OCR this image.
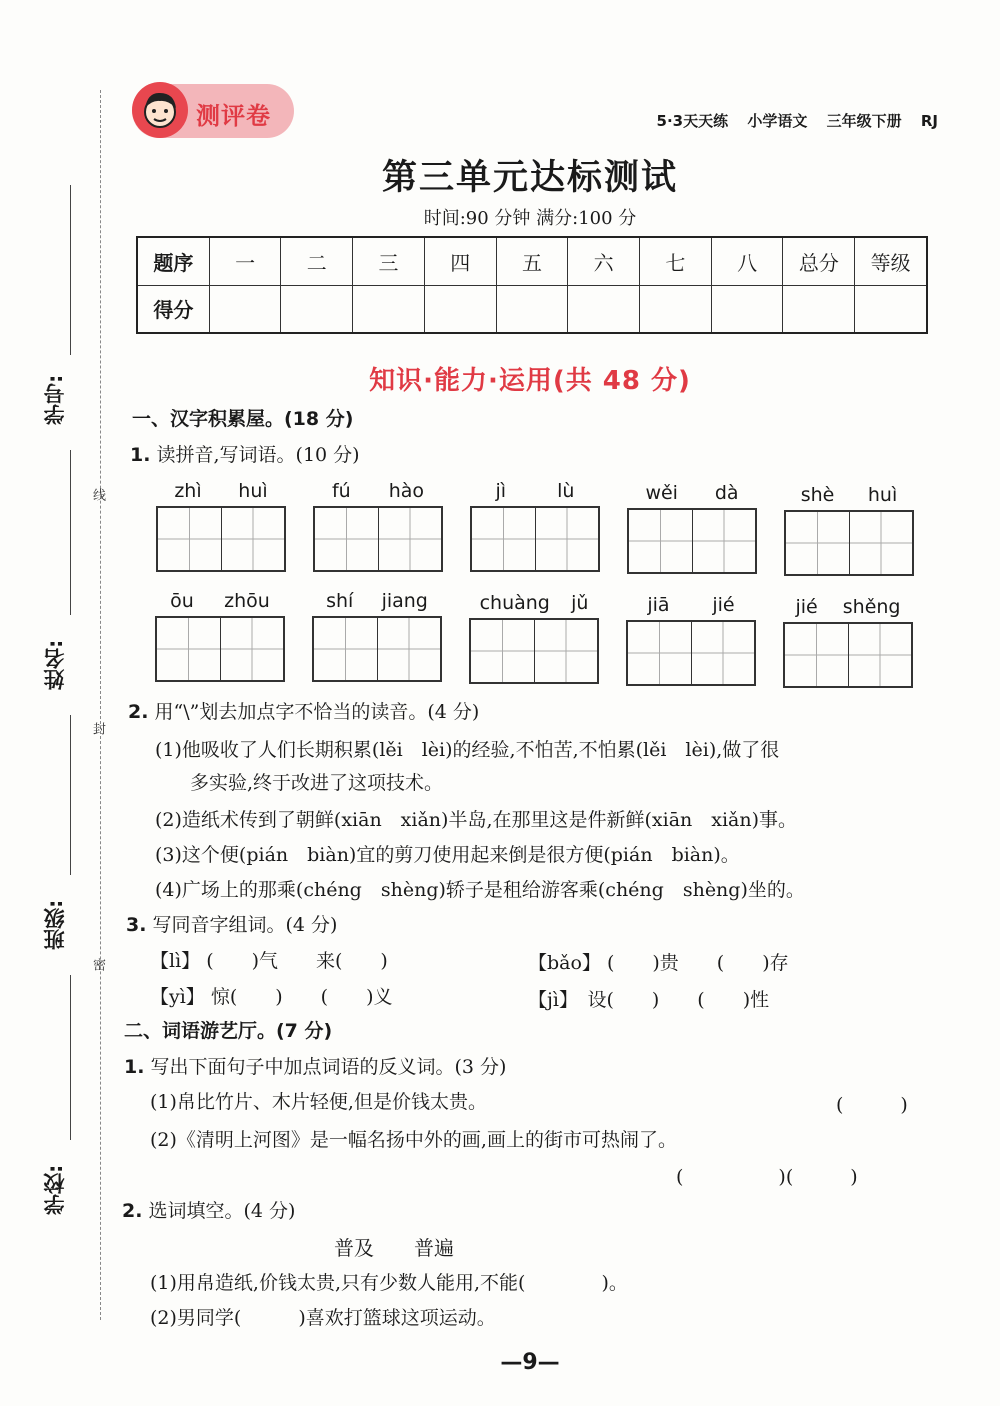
学号:
姓名:
班级:
学校:
线
封
密
测评卷	5·3天天练 小学语文 三年级下册 RJ
第三单元达标测试
时间:90 分钟 满分:100 分
题序	一	二	三	四	五	六	七	八	总分	等级
得分										
知识·能力·运用(共 48 分)
一、汉字积累屋。(18 分)
1. 读拼音,写词语。(10 分)
zhì huì	fú hào	jì	lù	wěi dà	shè huì
ōu zhōu	shí jiang	chuàng jǔ	jiā jié	jié shěng
2. 用“\”划去加点字不恰当的读音。(4 分)
(1)他吸收了人们长期积累(lěi　lèi)的经验,不怕苦,不怕累(lěi　lèi),做了很
多实验,终于改进了这项技术。
(2)造纸术传到了朝鲜(xiān　xiǎn)半岛,在那里这是件新鲜(xiān　xiǎn)事。
(3)这个便(pián　biàn)宜的剪刀使用起来倒是很方便(pián　biàn)。
(4)广场上的那乘(chéng　shèng)轿子是租给游客乘(chéng　shèng)坐的。
3. 写同音字组词。(4 分)
【lì】 (　　)气　　来(　　)	【bǎo】 (　　)贵　　(　　)存
【yì】 惊(　　)　　(　　)义	【jì】　设(　　)　　(　　)性
二、词语游艺厅。(7 分)
1. 写出下面句子中加点词语的反义词。(3 分)
(1)帛比竹片、木片轻便,但是价钱太贵。	(　　　)
(2)《清明上河图》是一幅名扬中外的画,画上的街市可热闹了。
(　　　　　)(　　　)
2. 选词填空。(4 分)
普及　　普遍
(1)用帛造纸,价钱太贵,只有少数人能用,不能(　　　　)。
(2)男同学(　　　)喜欢打篮球这项运动。
—9—
